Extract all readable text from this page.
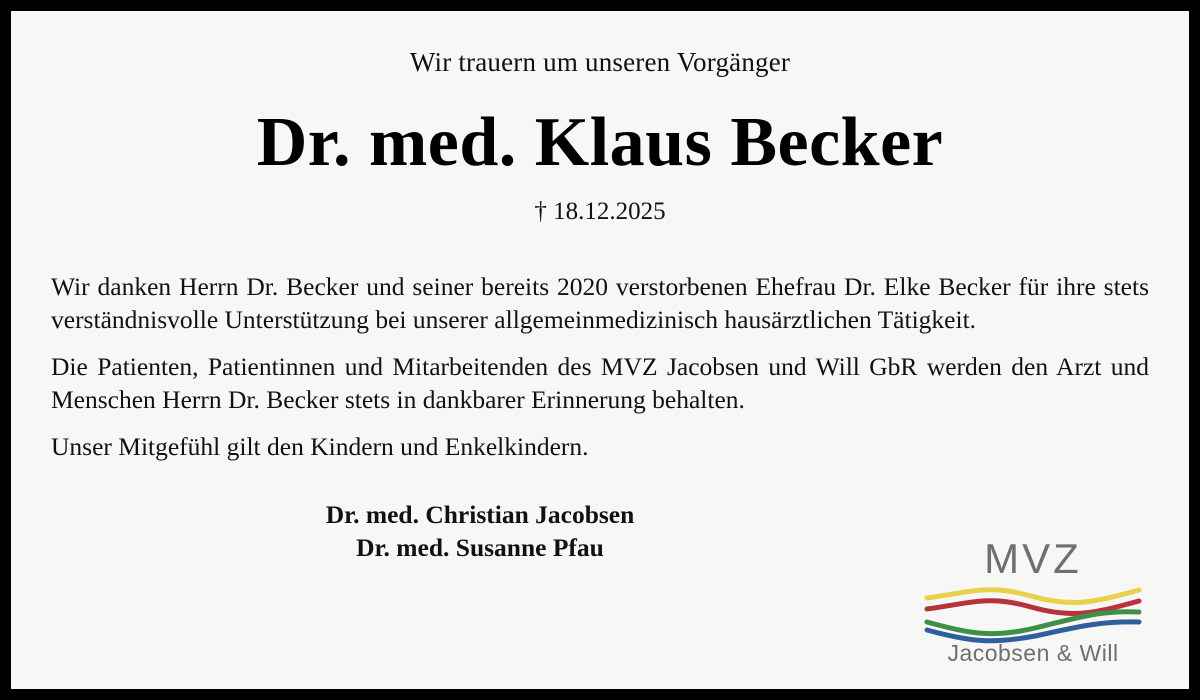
Wir trauern um unseren Vorgänger
Dr. med. Klaus Becker
† 18.12.2025

Wir danken Herrn Dr. Becker und seiner bereits 2020 verstorbenen Ehefrau Dr. Elke Becker für ihre stets verständnisvolle Unterstützung bei unserer allgemeinmedizinisch hausärztlichen Tätigkeit.

Die Patienten, Patientinnen und Mitarbeitenden des MVZ Jacobsen und Will GbR werden den Arzt und Menschen Herrn Dr. Becker stets in dankbarer Erinnerung behalten.

Unser Mitgefühl gilt den Kindern und Enkelkindern.

Dr. med. Christian Jacobsen
Dr. med. Susanne Pfau	MVZ
Jacobsen & Will
